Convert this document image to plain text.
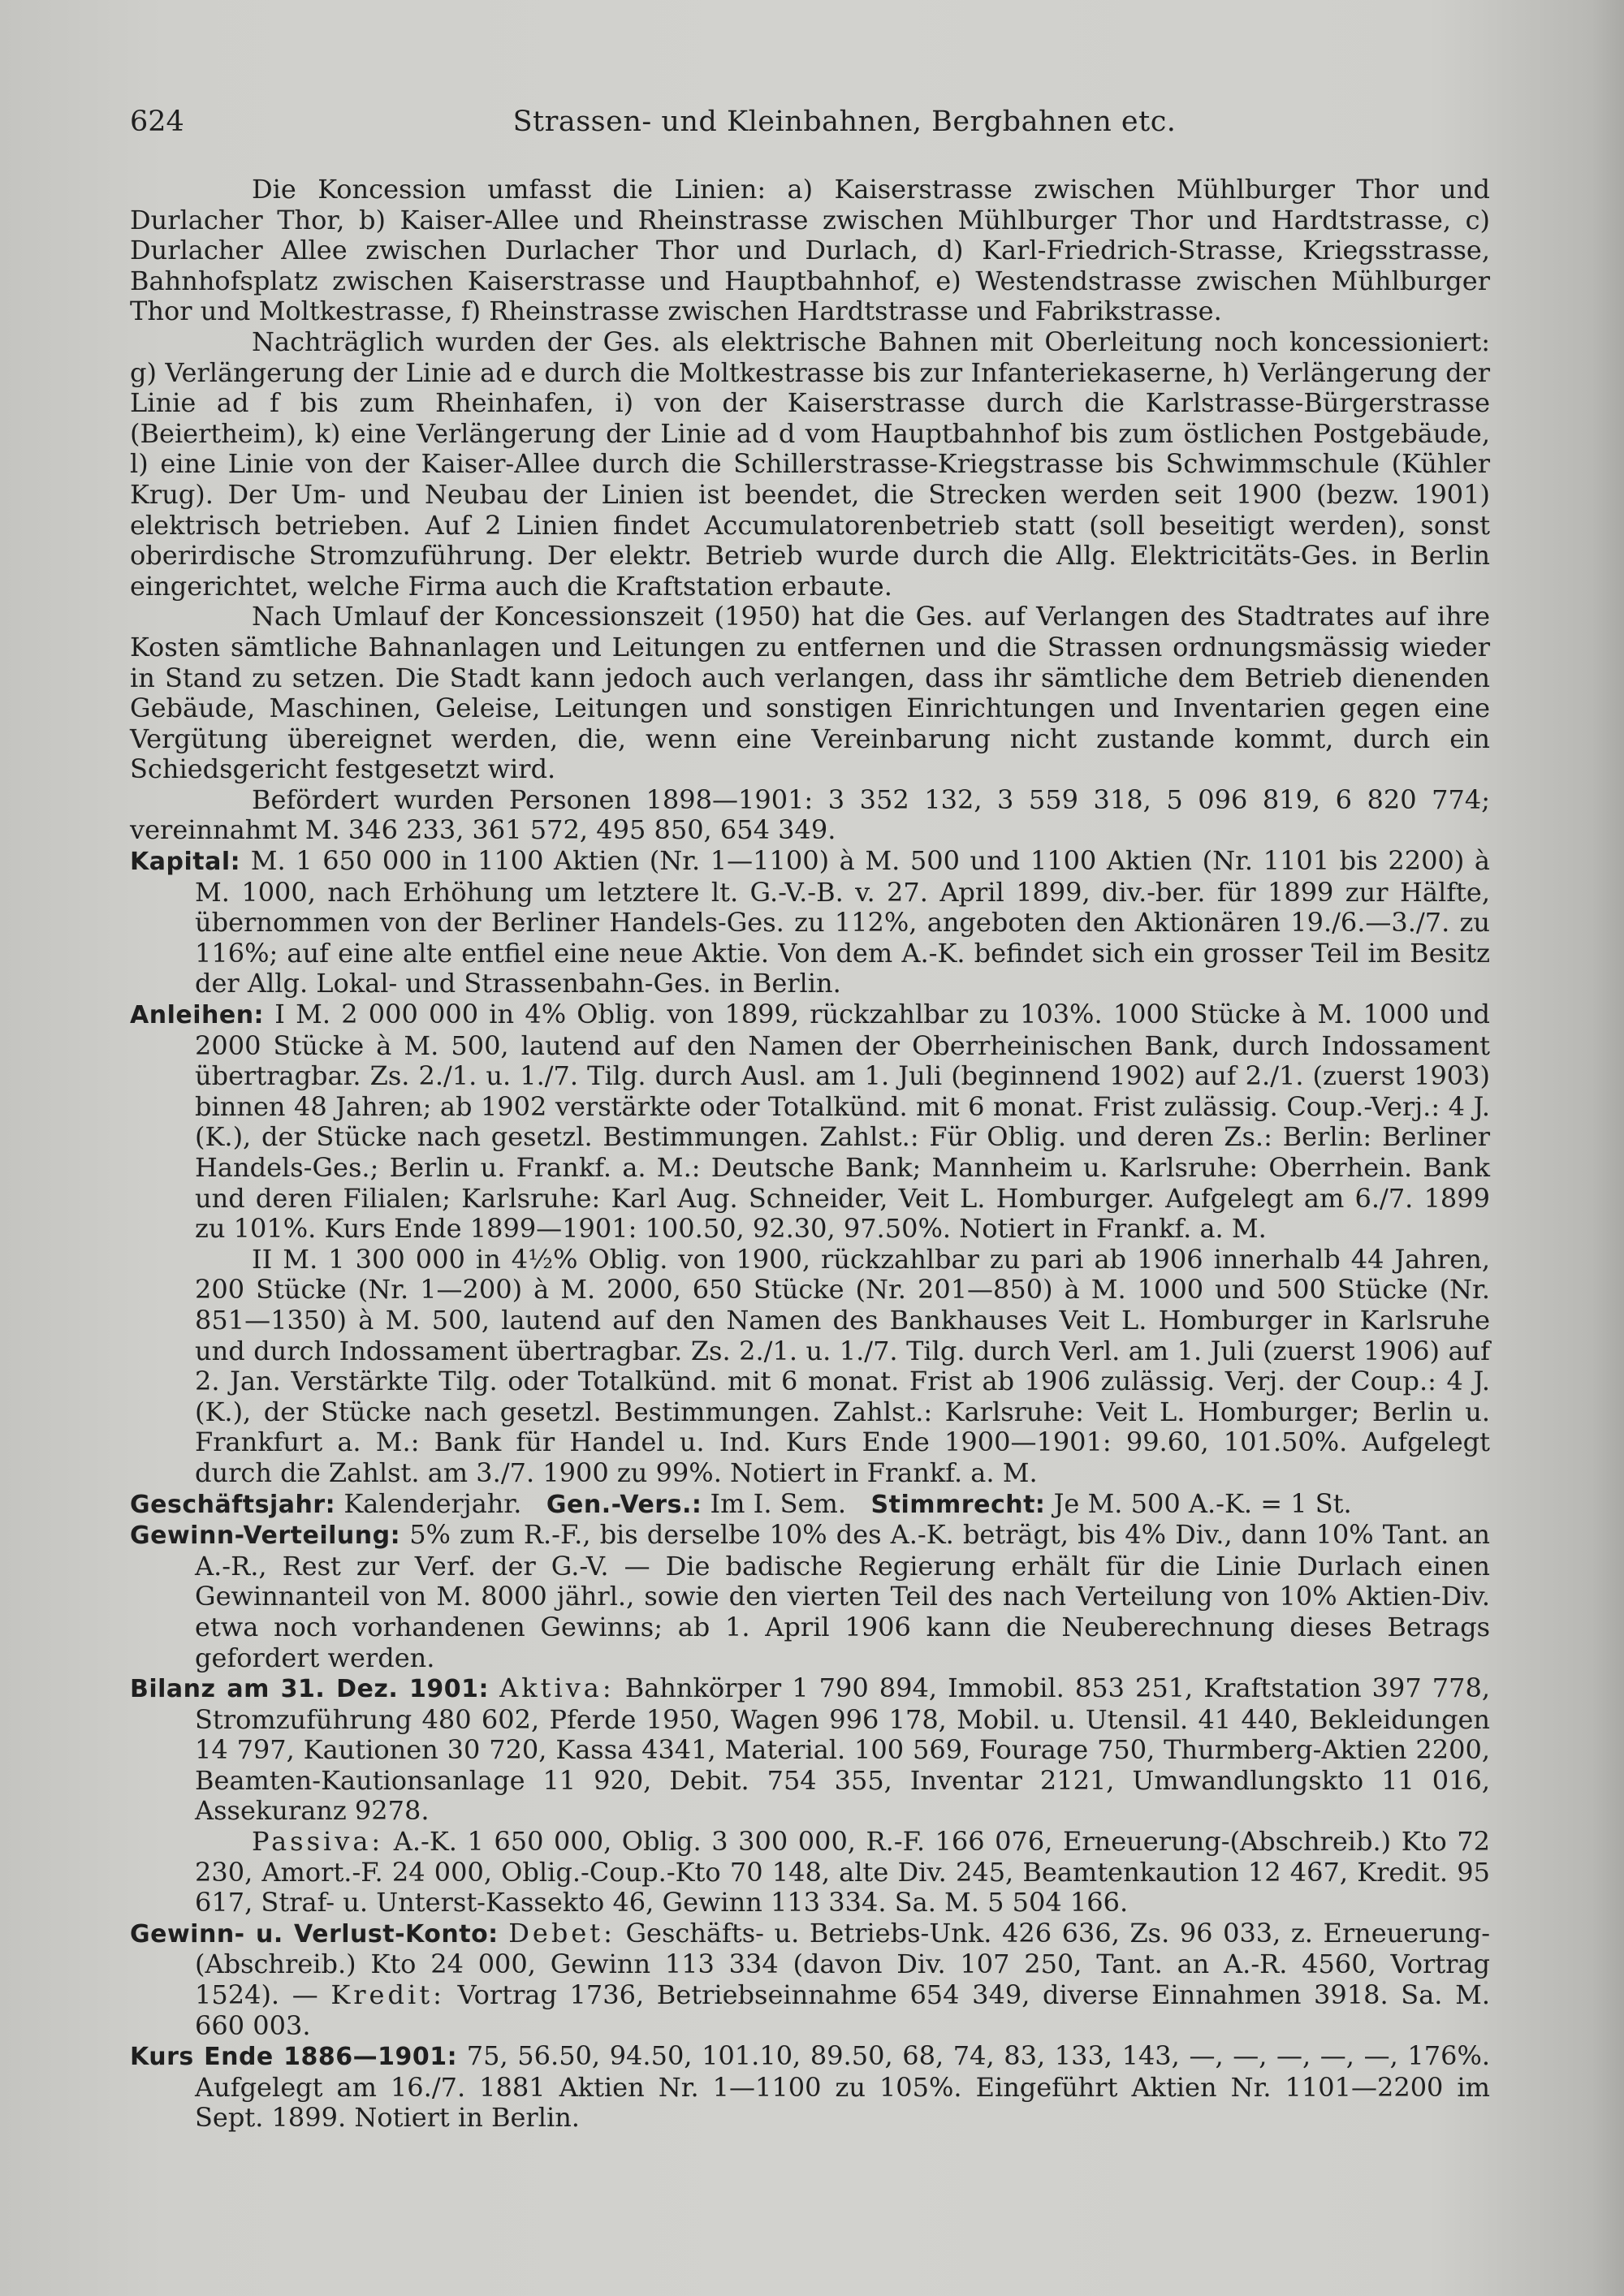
624	Strassen- und Kleinbahnen, Bergbahnen etc.

Die Koncession umfasst die Linien: a) Kaiserstrasse zwischen Mühlburger Thor und Durlacher Thor, b) Kaiser-Allee und Rheinstrasse zwischen Mühlburger Thor und Hardtstrasse, c) Durlacher Allee zwischen Durlacher Thor und Durlach, d) Karl-Friedrich-Strasse, Kriegsstrasse, Bahnhofsplatz zwischen Kaiserstrasse und Hauptbahnhof, e) Westendstrasse zwischen Mühlburger Thor und Moltkestrasse, f) Rheinstrasse zwischen Hardtstrasse und Fabrikstrasse.

Nachträglich wurden der Ges. als elektrische Bahnen mit Oberleitung noch koncessioniert: g) Verlängerung der Linie ad e durch die Moltkestrasse bis zur Infanteriekaserne, h) Verlängerung der Linie ad f bis zum Rheinhafen, i) von der Kaiserstrasse durch die Karlstrasse-Bürgerstrasse (Beiertheim), k) eine Verlängerung der Linie ad d vom Hauptbahnhof bis zum östlichen Postgebäude, l) eine Linie von der Kaiser-Allee durch die Schillerstrasse-Kriegstrasse bis Schwimmschule (Kühler Krug). Der Um- und Neubau der Linien ist beendet, die Strecken werden seit 1900 (bezw. 1901) elektrisch betrieben. Auf 2 Linien findet Accumulatorenbetrieb statt (soll beseitigt werden), sonst oberirdische Stromzuführung. Der elektr. Betrieb wurde durch die Allg. Elektricitäts-Ges. in Berlin eingerichtet, welche Firma auch die Kraftstation erbaute.

Nach Umlauf der Koncessionszeit (1950) hat die Ges. auf Verlangen des Stadtrates auf ihre Kosten sämtliche Bahnanlagen und Leitungen zu entfernen und die Strassen ordnungsmässig wieder in Stand zu setzen. Die Stadt kann jedoch auch verlangen, dass ihr sämtliche dem Betrieb dienenden Gebäude, Maschinen, Geleise, Leitungen und sonstigen Einrichtungen und Inventarien gegen eine Vergütung übereignet werden, die, wenn eine Vereinbarung nicht zustande kommt, durch ein Schiedsgericht festgesetzt wird.

Befördert wurden Personen 1898—1901: 3 352 132, 3 559 318, 5 096 819, 6 820 774; vereinnahmt M. 346 233, 361 572, 495 850, 654 349.

Kapital: M. 1 650 000 in 1100 Aktien (Nr. 1—1100) à M. 500 und 1100 Aktien (Nr. 1101 bis 2200) à M. 1000, nach Erhöhung um letztere lt. G.-V.-B. v. 27. April 1899, div.-ber. für 1899 zur Hälfte, übernommen von der Berliner Handels-Ges. zu 112%, angeboten den Aktionären 19./6.—3./7. zu 116%; auf eine alte entfiel eine neue Aktie. Von dem A.-K. befindet sich ein grosser Teil im Besitz der Allg. Lokal- und Strassenbahn-Ges. in Berlin.

Anleihen: I M. 2 000 000 in 4% Oblig. von 1899, rückzahlbar zu 103%. 1000 Stücke à M. 1000 und 2000 Stücke à M. 500, lautend auf den Namen der Oberrheinischen Bank, durch Indossament übertragbar. Zs. 2./1. u. 1./7. Tilg. durch Ausl. am 1. Juli (beginnend 1902) auf 2./1. (zuerst 1903) binnen 48 Jahren; ab 1902 verstärkte oder Totalkünd. mit 6 monat. Frist zulässig. Coup.-Verj.: 4 J. (K.), der Stücke nach gesetzl. Bestimmungen. Zahlst.: Für Oblig. und deren Zs.: Berlin: Berliner Handels-Ges.; Berlin u. Frankf. a. M.: Deutsche Bank; Mannheim u. Karlsruhe: Oberrhein. Bank und deren Filialen; Karlsruhe: Karl Aug. Schneider, Veit L. Homburger. Aufgelegt am 6./7. 1899 zu 101%. Kurs Ende 1899—1901: 100.50, 92.30, 97.50%. Notiert in Frankf. a. M.

II M. 1 300 000 in 4½% Oblig. von 1900, rückzahlbar zu pari ab 1906 innerhalb 44 Jahren, 200 Stücke (Nr. 1—200) à M. 2000, 650 Stücke (Nr. 201—850) à M. 1000 und 500 Stücke (Nr. 851—1350) à M. 500, lautend auf den Namen des Bankhauses Veit L. Homburger in Karlsruhe und durch Indossament übertragbar. Zs. 2./1. u. 1./7. Tilg. durch Verl. am 1. Juli (zuerst 1906) auf 2. Jan. Verstärkte Tilg. oder Totalkünd. mit 6 monat. Frist ab 1906 zulässig. Verj. der Coup.: 4 J. (K.), der Stücke nach gesetzl. Bestimmungen. Zahlst.: Karlsruhe: Veit L. Homburger; Berlin u. Frankfurt a. M.: Bank für Handel u. Ind. Kurs Ende 1900—1901: 99.60, 101.50%. Aufgelegt durch die Zahlst. am 3./7. 1900 zu 99%. Notiert in Frankf. a. M.

Geschäftsjahr: Kalenderjahr. Gen.-Vers.: Im I. Sem. Stimmrecht: Je M. 500 A.-K. = 1 St.

Gewinn-Verteilung: 5% zum R.-F., bis derselbe 10% des A.-K. beträgt, bis 4% Div., dann 10% Tant. an A.-R., Rest zur Verf. der G.-V. — Die badische Regierung erhält für die Linie Durlach einen Gewinnanteil von M. 8000 jährl., sowie den vierten Teil des nach Verteilung von 10% Aktien-Div. etwa noch vorhandenen Gewinns; ab 1. April 1906 kann die Neuberechnung dieses Betrags gefordert werden.

Bilanz am 31. Dez. 1901: Aktiva: Bahnkörper 1 790 894, Immobil. 853 251, Kraftstation 397 778, Stromzuführung 480 602, Pferde 1950, Wagen 996 178, Mobil. u. Utensil. 41 440, Bekleidungen 14 797, Kautionen 30 720, Kassa 4341, Material. 100 569, Fourage 750, Thurmberg-Aktien 2200, Beamten-Kautionsanlage 11 920, Debit. 754 355, Inventar 2121, Umwandlungskto 11 016, Assekuranz 9278.

Passiva: A.-K. 1 650 000, Oblig. 3 300 000, R.-F. 166 076, Erneuerung-(Abschreib.) Kto 72 230, Amort.-F. 24 000, Oblig.-Coup.-Kto 70 148, alte Div. 245, Beamtenkaution 12 467, Kredit. 95 617, Straf- u. Unterst-Kassekto 46, Gewinn 113 334. Sa. M. 5 504 166.

Gewinn- u. Verlust-Konto: Debet: Geschäfts- u. Betriebs-Unk. 426 636, Zs. 96 033, z. Erneuerung-(Abschreib.) Kto 24 000, Gewinn 113 334 (davon Div. 107 250, Tant. an A.-R. 4560, Vortrag 1524). — Kredit: Vortrag 1736, Betriebseinnahme 654 349, diverse Einnahmen 3918. Sa. M. 660 003.

Kurs Ende 1886—1901: 75, 56.50, 94.50, 101.10, 89.50, 68, 74, 83, 133, 143, —, —, —, —, —, 176%. Aufgelegt am 16./7. 1881 Aktien Nr. 1—1100 zu 105%. Eingeführt Aktien Nr. 1101—2200 im Sept. 1899. Notiert in Berlin.
